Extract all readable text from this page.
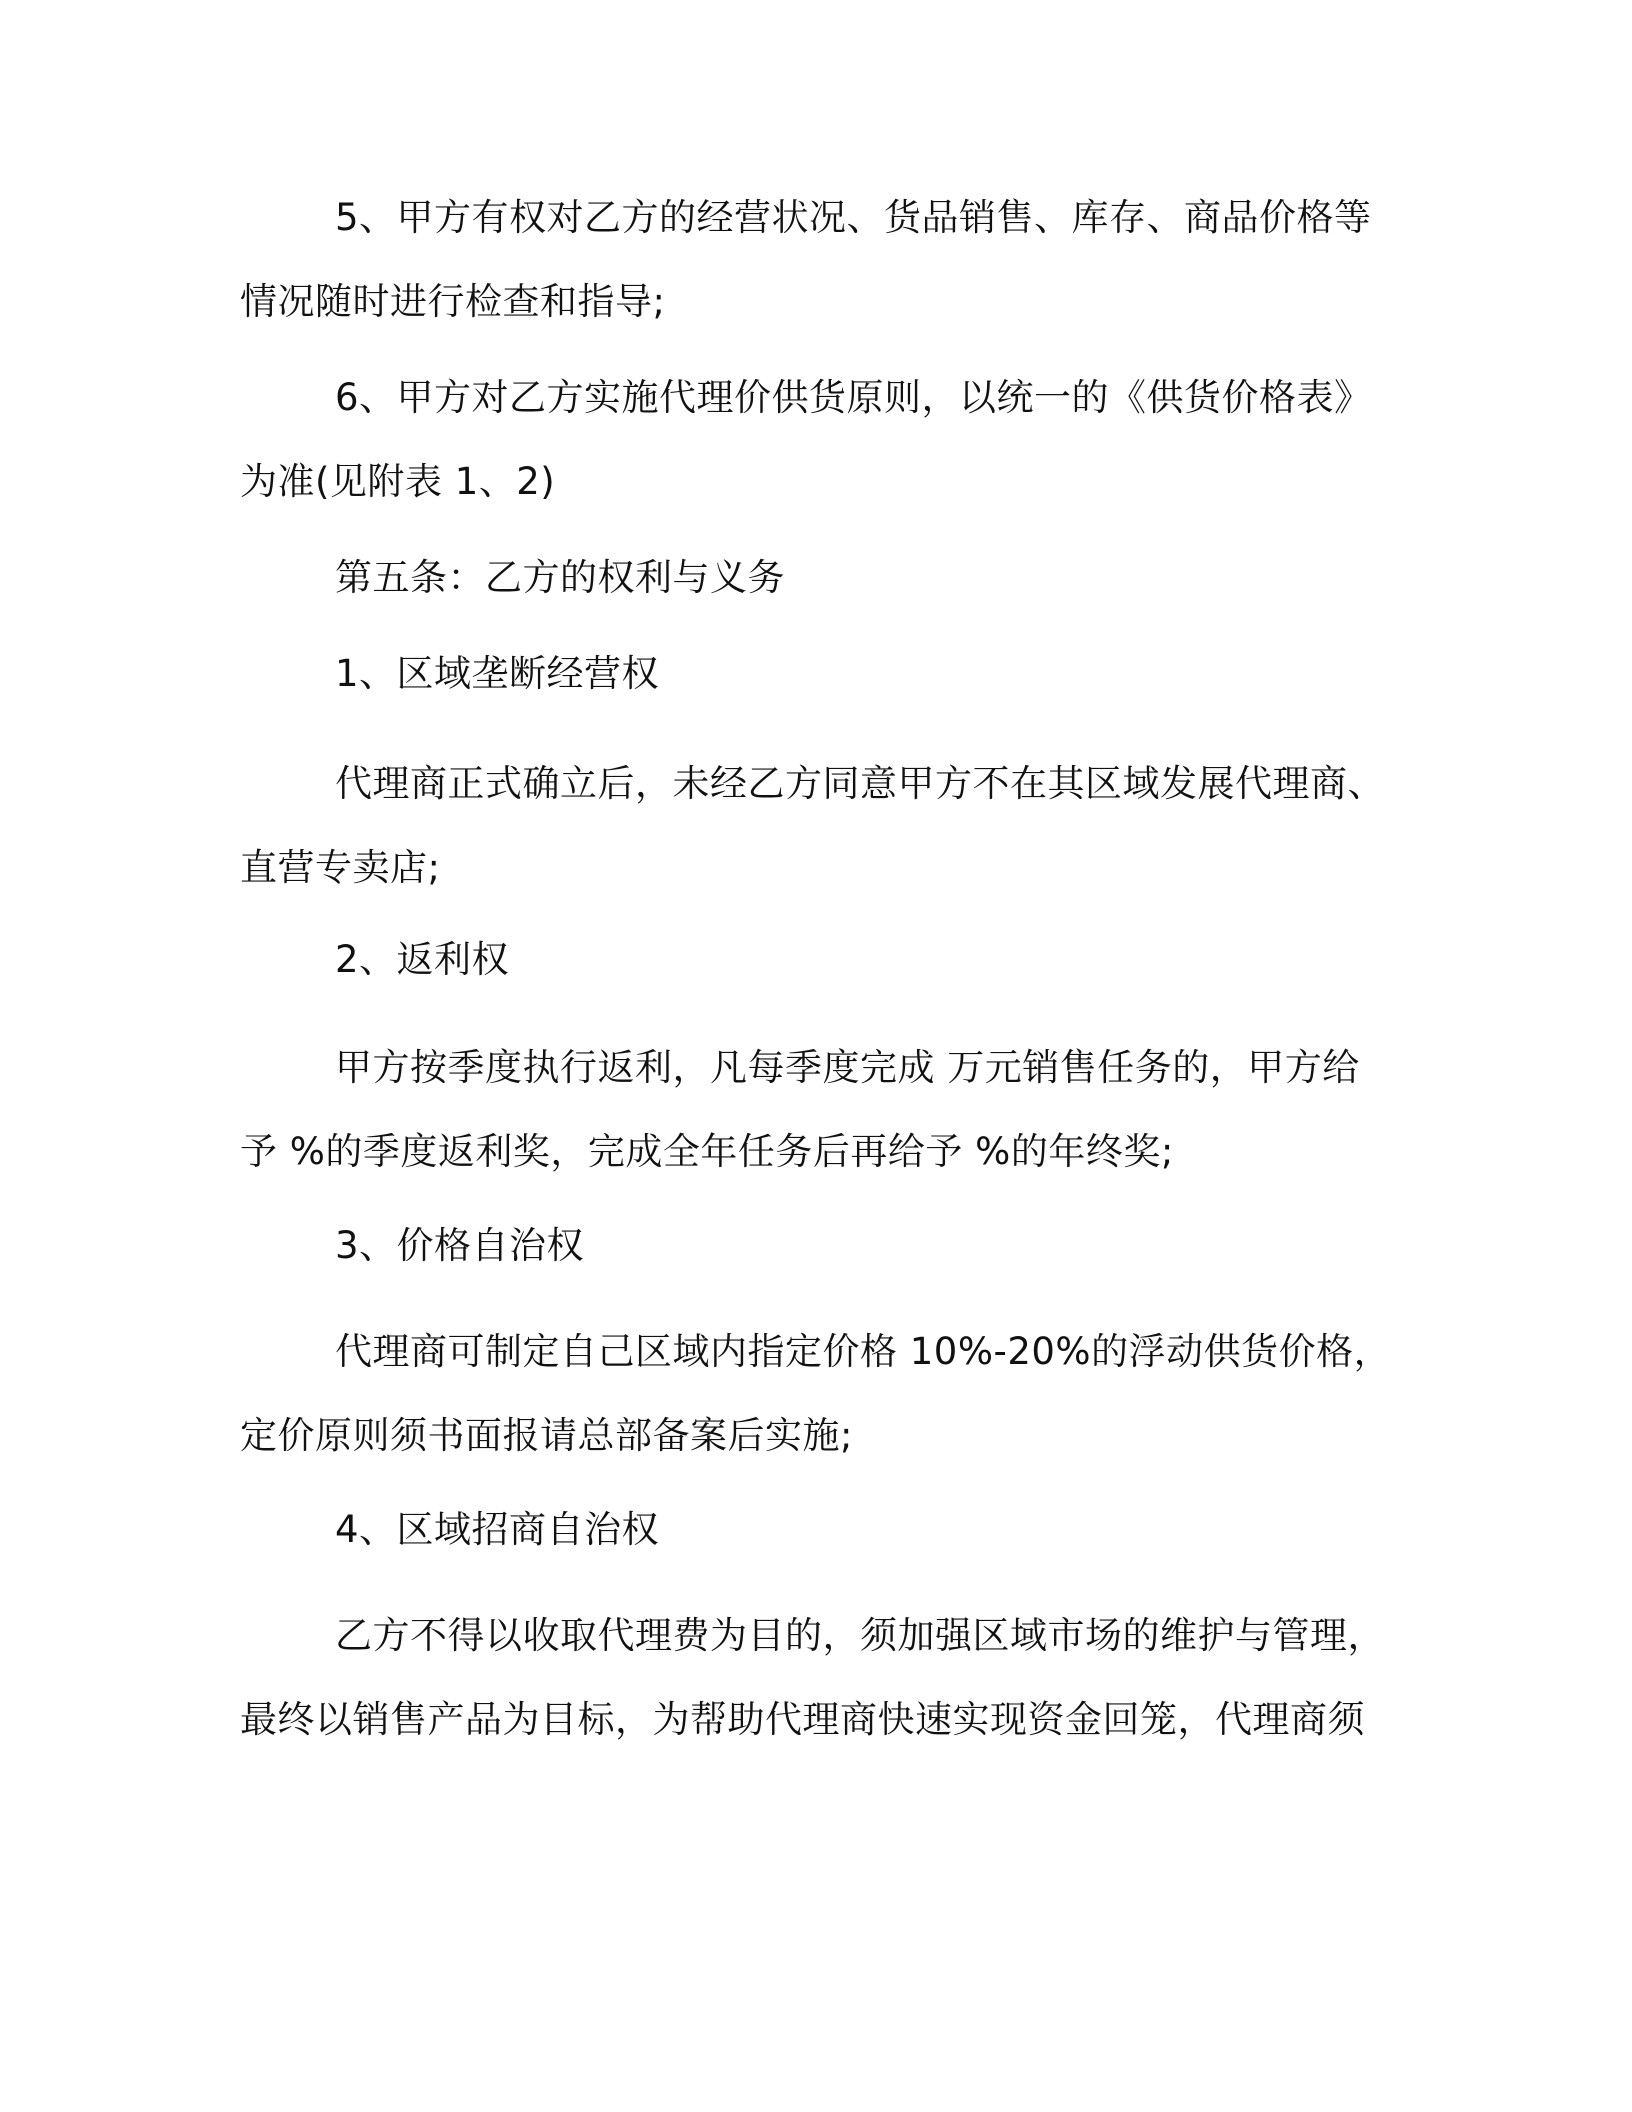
5、甲方有权对乙方的经营状况、货品销售、库存、商品价格等
情况随时进行检查和指导;
6、甲方对乙方实施代理价供货原则，以统一的《供货价格表》
为准(见附表 1、2)
第五条：乙方的权利与义务
1、区域垄断经营权
代理商正式确立后，未经乙方同意甲方不在其区域发展代理商、
直营专卖店;
2、返利权
甲方按季度执行返利，凡每季度完成 万元销售任务的，甲方给
予 %的季度返利奖，完成全年任务后再给予 %的年终奖;
3、价格自治权
代理商可制定自己区域内指定价格 10%-20%的浮动供货价格，
定价原则须书面报请总部备案后实施;
4、区域招商自治权
乙方不得以收取代理费为目的，须加强区域市场的维护与管理，
最终以销售产品为目标，为帮助代理商快速实现资金回笼，代理商须
